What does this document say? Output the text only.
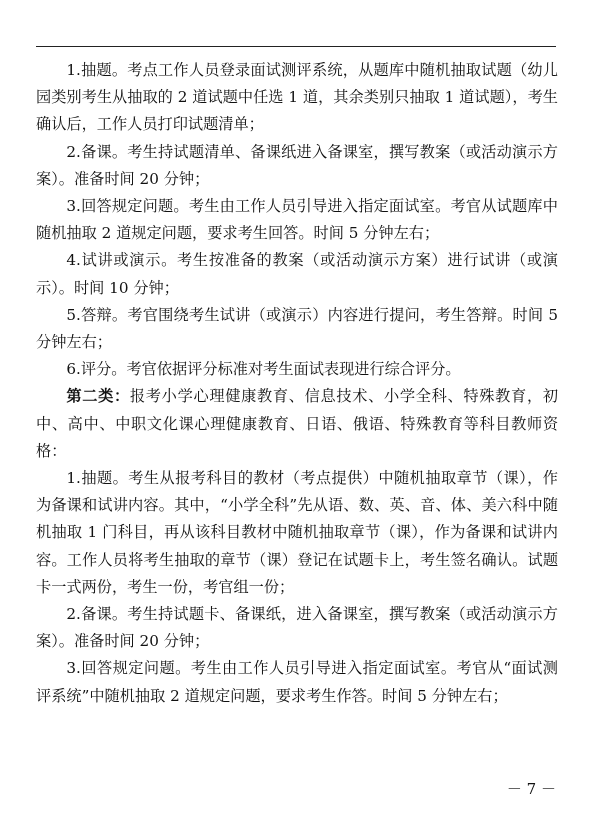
1.抽题。考点工作人员登录面试测评系统，从题库中随机抽取试题（幼儿园类别考生从抽取的 2 道试题中任选 1 道，其余类别只抽取 1 道试题），考生确认后，工作人员打印试题清单；

2.备课。考生持试题清单、备课纸进入备课室，撰写教案（或活动演示方案）。准备时间 20 分钟；

3.回答规定问题。考生由工作人员引导进入指定面试室。考官从试题库中随机抽取 2 道规定问题，要求考生回答。时间 5 分钟左右；

4.试讲或演示。考生按准备的教案（或活动演示方案）进行试讲（或演示）。时间 10 分钟；

5.答辩。考官围绕考生试讲（或演示）内容进行提问，考生答辩。时间 5 分钟左右；

6.评分。考官依据评分标准对考生面试表现进行综合评分。

第二类：报考小学心理健康教育、信息技术、小学全科、特殊教育，初中、高中、中职文化课心理健康教育、日语、俄语、特殊教育等科目教师资格：

1.抽题。考生从报考科目的教材（考点提供）中随机抽取章节（课），作为备课和试讲内容。其中，“小学全科”先从语、数、英、音、体、美六科中随机抽取 1 门科目，再从该科目教材中随机抽取章节（课），作为备课和试讲内容。工作人员将考生抽取的章节（课）登记在试题卡上，考生签名确认。试题卡一式两份，考生一份，考官组一份；

2.备课。考生持试题卡、备课纸，进入备课室，撰写教案（或活动演示方案）。准备时间 20 分钟；

3.回答规定问题。考生由工作人员引导进入指定面试室。考官从“面试测评系统”中随机抽取 2 道规定问题，要求考生作答。时间 5 分钟左右；

－ 7 －
